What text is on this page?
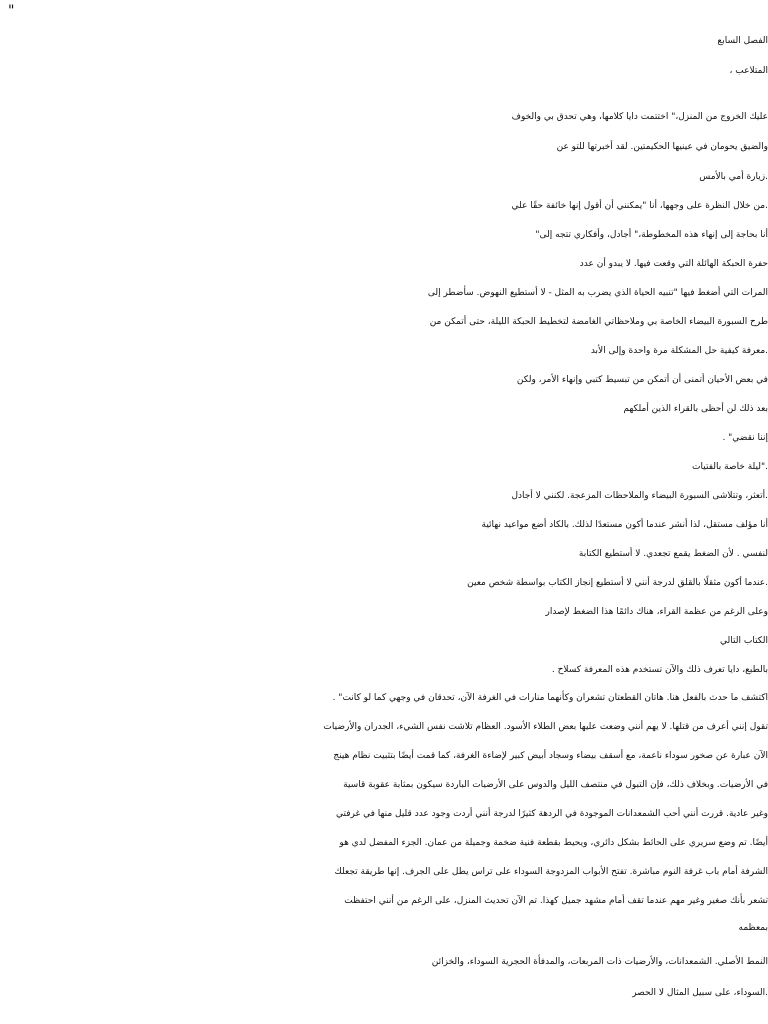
"
الفصل السابع
المتلاعب ،
عليك الخروج من المنزل،" اختتمت دايا كلامها، وهي تحدق بي والخوف
والضيق يحومان في عينيها الحكيمتين. لقد أخبرتها للتو عن
.زيارة أمي بالأمس
.من خلال النظرة على وجهها، أنا "يمكنني أن أقول إنها خائفة حقًا علي
أنا بحاجة إلى إنهاء هذه المخطوطة،" أجادل، وأفكاري تتجه إلى"
حفرة الحبكة الهائلة التي وقعت فيها. لا يبدو أن عدد
المرات التي أضغط فيها "تنبيه الحياة الذي يضرب به المثل - لا أستطيع النهوض. سأضطر إلى
طرح السبورة البيضاء الخاصة بي وملاحظاتي الغامضة لتخطيط الحبكة الليلة، حتى أتمكن من
.معرفة كيفية حل المشكلة مرة واحدة وإلى الأبد
في بعض الأحيان أتمنى أن أتمكن من تبسيط كتبي وإنهاء الأمر، ولكن
بعد ذلك لن أحظى بالقراء الذين أملكهم
إننا نقضي" .
."ليلة خاصة بالفتيات
.أتعثر، وتتلاشى السبورة البيضاء والملاحظات المزعجة. لكنني لا أجادل
أنا مؤلف مستقل، لذا أنشر عندما أكون مستعدًا لذلك. بالكاد أضع مواعيد نهائية
لنفسي . لأن الضغط يقمع تجعدي. لا أستطيع الكتابة
.عندما أكون مثقلًا بالقلق لدرجة أنني لا أستطيع إنجاز الكتاب بواسطة شخص معين
وعلى الرغم من عظمة القراء، هناك دائمًا هذا الضغط لإصدار
الكتاب التالي
بالطبع، دايا تعرف ذلك والآن تستخدم هذه المعرفة كسلاح .
اكتشف ما حدث بالفعل هنا. هاتان القطعتان تشعران وكأنهما منارات في الغرفة الآن، تحدقان في وجهي كما لو كانت" .
تقول إنني أعرف من قتلها. لا يهم أنني وضعت عليها بعض الطلاء الأسود. العظام تلاشت نفس الشيء، الجدران والأرضيات
الآن عبارة عن صخور سوداء ناعمة، مع أسقف بيضاء وسجاد أبيض كبير لإضاءة الغرفة، كما قمت أيضًا بتثبيت نظام هينج
في الأرضيات. وبخلاف ذلك، فإن التبول في منتصف الليل والدوس على الأرضيات الباردة سيكون بمثابة عقوبة قاسية
وغير عادية. قررت أنني أحب الشمعدانات الموجودة في الردهة كثيرًا لدرجة أنني أردت وجود عدد قليل منها في غرفتي
أيضًا. تم وضع سريري على الحائط بشكل دائري، ويحيط بقطعة فنية ضخمة وجميلة من عمان. الجزء المفضل لدي هو
الشرفة أمام باب غرفة النوم مباشرة. تفتح الأبواب المزدوجة السوداء على تراس يطل على الجرف. إنها طريقة تجعلك
تشعر بأنك صغير وغير مهم عندما تقف أمام مشهد جميل كهذا. تم الآن تحديث المنزل، على الرغم من أنني احتفظت
بمعظمه
النمط الأصلي. الشمعدانات، والأرضيات ذات المربعات، والمدفأة الحجرية السوداء، والخزائن
.السوداء، على سبيل المثال لا الحصر
